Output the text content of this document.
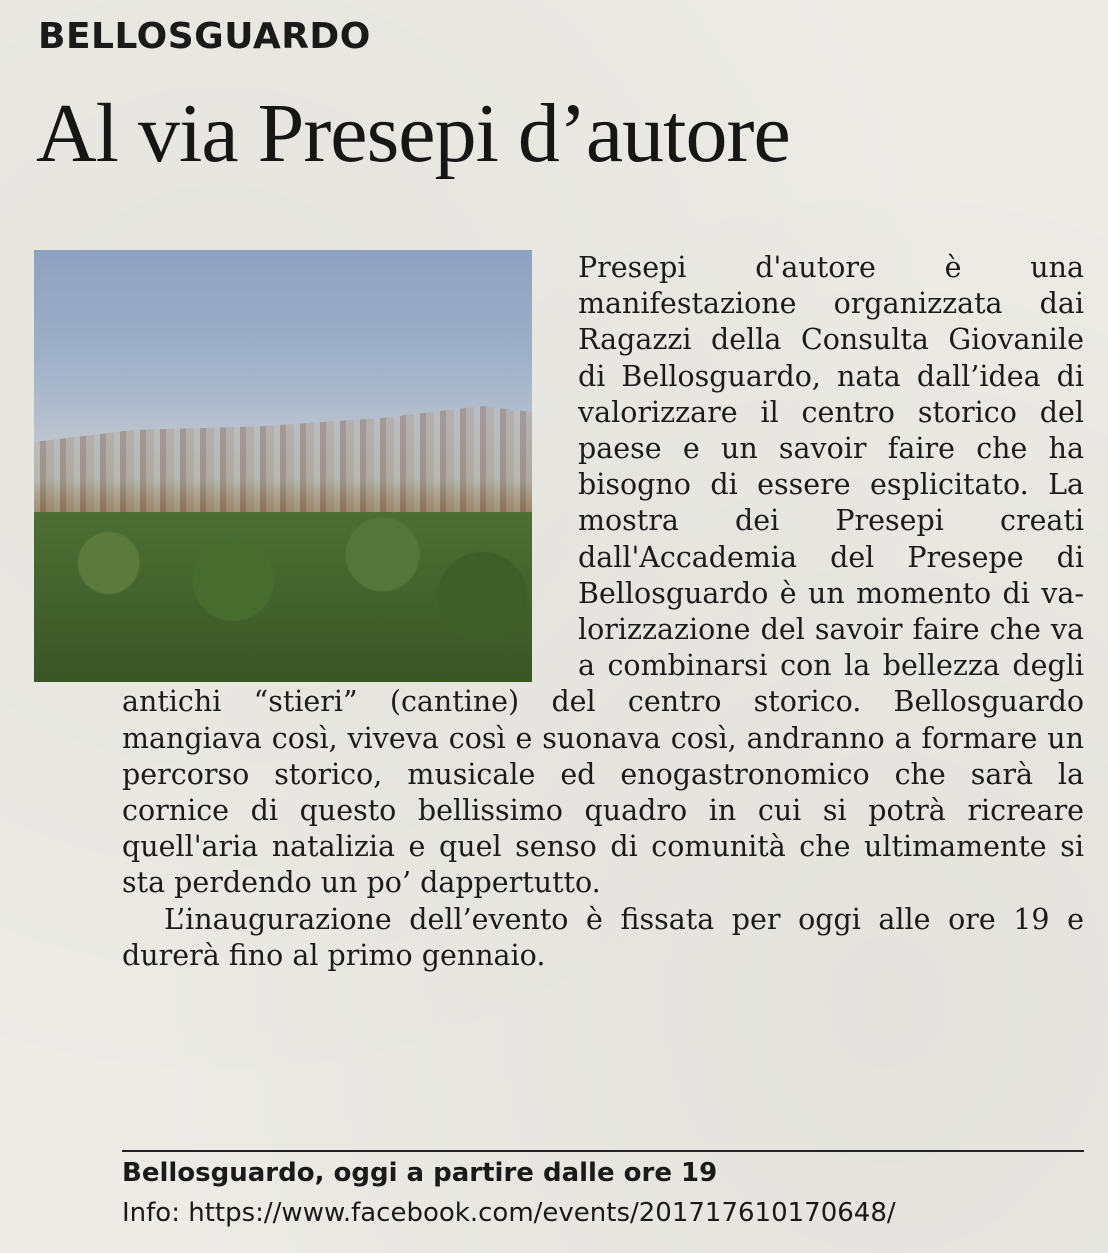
BELLOSGUARDO
Al via Presepi d’autore

Presepi d'autore è una manifestazione organizzata dai Ragazzi della Consulta Giovanile di Bellosguardo, nata dall’idea di valorizzare il centro storico del paese e un savoir faire che ha bisogno di essere esplicitato. La mostra dei Presepi creati dall'Accademia del Presepe di Bellosguardo è un momento di valorizzazione del savoir faire che va a combinarsi con la bellezza degli antichi “stieri” (cantine) del centro storico. Bellosguardo mangiava così, viveva così e suonava così, andranno a formare un percorso storico, musicale ed enogastronomico che sarà la cornice di questo bellissimo quadro in cui si potrà ricreare quell'aria natalizia e quel senso di comunità che ultimamente si sta perdendo un po’ dappertutto.

L’inaugurazione dell’evento è fissata per oggi alle ore 19 e durerà fino al primo gennaio.

Bellosguardo, oggi a partire dalle ore 19
Info: https://www.facebook.com/events/201717610170648/
